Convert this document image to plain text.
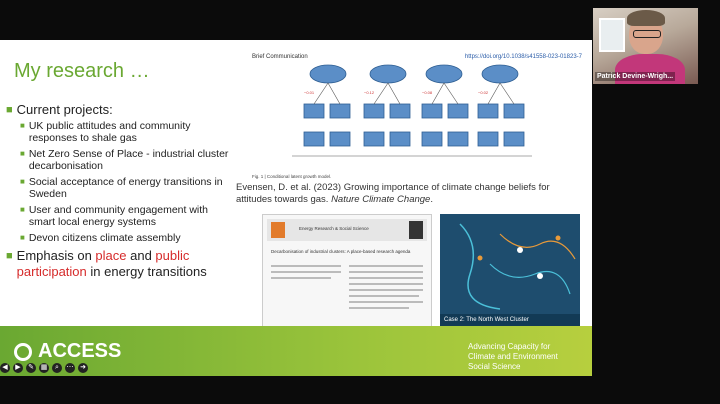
My research …
■ Current projects:
■ UK public attitudes and community responses to shale gas
■ Net Zero Sense of Place - industrial cluster decarbonisation
■ Social acceptance of energy transitions in Sweden
■ User and community engagement with smart local energy systems
■ Devon citizens climate assembly
■ Emphasis on place and public participation in energy transitions
Brief Communication	https://doi.org/10.1038/s41558-023-01823-7
−0.01	−0.12	−0.08	−0.02
Fig. 1 | Conditional latent growth model.
Evensen, D. et al. (2023) Growing importance of climate change beliefs for attitudes towards gas. Nature Climate Change.
Energy Research & Social Science
Decarbonisation of industrial clusters: A place-based research agenda
Case 2: The North West Cluster
ACCESS	Advancing Capacity for Climate and Environment Social Science
Patrick Devine-Wrigh...
◀	▶	✎ ▦	⌕	⋯ ➜
